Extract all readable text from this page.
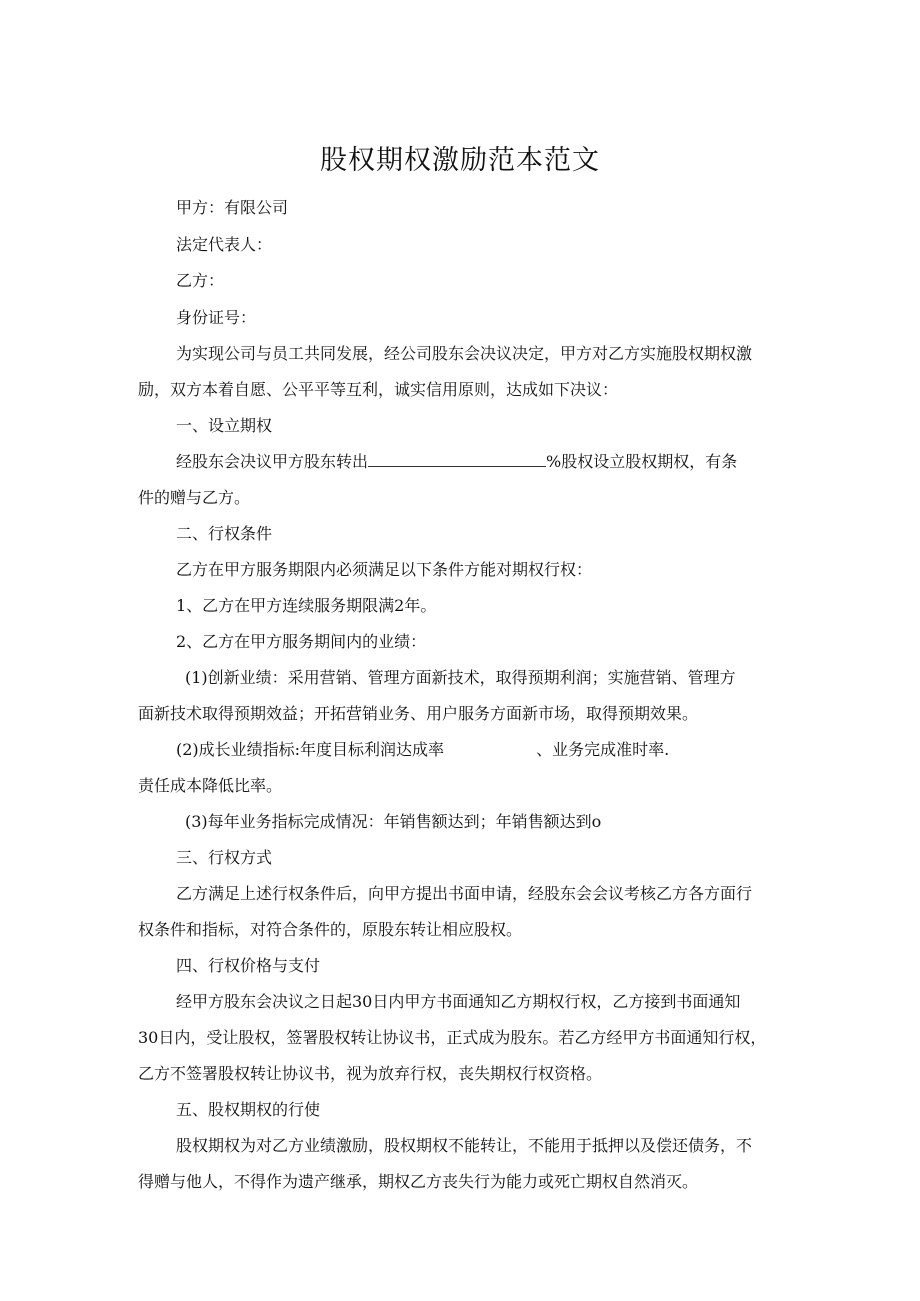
股权期权激励范本范文
甲方：有限公司
法定代表人：
乙方：
身份证号：
为实现公司与员工共同发展，经公司股东会决议决定，甲方对乙方实施股权期权激
励，双方本着自愿、公平平等互利，诚实信用原则，达成如下决议：
一、设立期权
经股东会决议甲方股东转出	%股权设立股权期权，有条
件的赠与乙方。
二、行权条件
乙方在甲方服务期限内必须满足以下条件方能对期权行权：
1、乙方在甲方连续服务期限满2年。
2、乙方在甲方服务期间内的业绩：
(1)创新业绩：采用营销、管理方面新技术，取得预期利润；实施营销、管理方
面新技术取得预期效益；开拓营销业务、用户服务方面新市场，取得预期效果。
(2)成长业绩指标:年度目标利润达成率	、业务完成准时率.
责任成本降低比率。
(3)每年业务指标完成情况：年销售额达到；年销售额达到o
三、行权方式
乙方满足上述行权条件后，向甲方提出书面申请，经股东会会议考核乙方各方面行
权条件和指标，对符合条件的，原股东转让相应股权。
四、行权价格与支付
经甲方股东会决议之日起30日内甲方书面通知乙方期权行权，乙方接到书面通知
30日内，受让股权，签署股权转让协议书，正式成为股东。若乙方经甲方书面通知行权，
乙方不签署股权转让协议书，视为放弃行权，丧失期权行权资格。
五、股权期权的行使
股权期权为对乙方业绩激励，股权期权不能转让，不能用于抵押以及偿还债务，不
得赠与他人，不得作为遗产继承，期权乙方丧失行为能力或死亡期权自然消灭。
